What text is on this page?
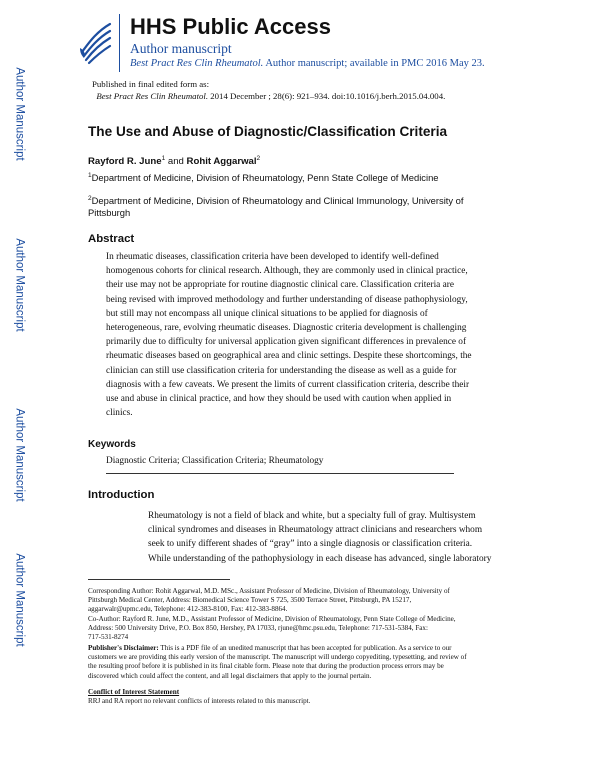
Author Manuscript
Author Manuscript
Author Manuscript
Author Manuscript
HHS Public Access
Author manuscript
Best Pract Res Clin Rheumatol. Author manuscript; available in PMC 2016 May 23.
Published in final edited form as:
Best Pract Res Clin Rheumatol. 2014 December ; 28(6): 921–934. doi:10.1016/j.berh.2015.04.004.
The Use and Abuse of Diagnostic/Classification Criteria
Rayford R. June$^1$ and Rohit Aggarwal$^2$
$^1$Department of Medicine, Division of Rheumatology, Penn State College of Medicine
$^2$Department of Medicine, Division of Rheumatology and Clinical Immunology, University of Pittsburgh
Abstract
In rheumatic diseases, classification criteria have been developed to identify well-defined
homogenous cohorts for clinical research. Although, they are commonly used in clinical practice,
their use may not be appropriate for routine diagnostic clinical care. Classification criteria are
being revised with improved methodology and further understanding of disease pathophysiology,
but still may not encompass all unique clinical situations to be applied for diagnosis of
heterogeneous, rare, evolving rheumatic diseases. Diagnostic criteria development is challenging
primarily due to difficulty for universal application given significant differences in prevalence of
rheumatic diseases based on geographical area and clinic settings. Despite these shortcomings, the
clinician can still use classification criteria for understanding the disease as well as a guide for
diagnosis with a few caveats. We present the limits of current classification criteria, describe their
use and abuse in clinical practice, and how they should be used with caution when applied in
clinics.
Keywords
Diagnostic Criteria; Classification Criteria; Rheumatology
Introduction
Rheumatology is not a field of black and white, but a specialty full of gray. Multisystem
clinical syndromes and diseases in Rheumatology attract clinicians and researchers whom
seek to unify different shades of “gray” into a single diagnosis or classification criteria.
While understanding of the pathophysiology in each disease has advanced, single laboratory
Corresponding Author: Rohit Aggarwal, M.D. MSc., Assistant Professor of Medicine, Division of Rheumatology, University of
Pittsburgh Medical Center, Address: Biomedical Science Tower S 725, 3500 Terrace Street, Pittsburgh, PA 15217,
aggarwalr@upmc.edu, Telephone: 412-383-8100, Fax: 412-383-8864.
Co-Author: Rayford R. June, M.D., Assistant Professor of Medicine, Division of Rheumatology, Penn State College of Medicine,
Address: 500 University Drive, P.O. Box 850, Hershey, PA 17033, rjune@hmc.psu.edu, Telephone: 717-531-5384, Fax:
717-531-8274
Publisher's Disclaimer: This is a PDF file of an unedited manuscript that has been accepted for publication. As a service to our
customers we are providing this early version of the manuscript. The manuscript will undergo copyediting, typesetting, and review of
the resulting proof before it is published in its final citable form. Please note that during the production process errors may be
discovered which could affect the content, and all legal disclaimers that apply to the journal pertain.
Conflict of Interest Statement
RRJ and RA report no relevant conflicts of interests related to this manuscript.
